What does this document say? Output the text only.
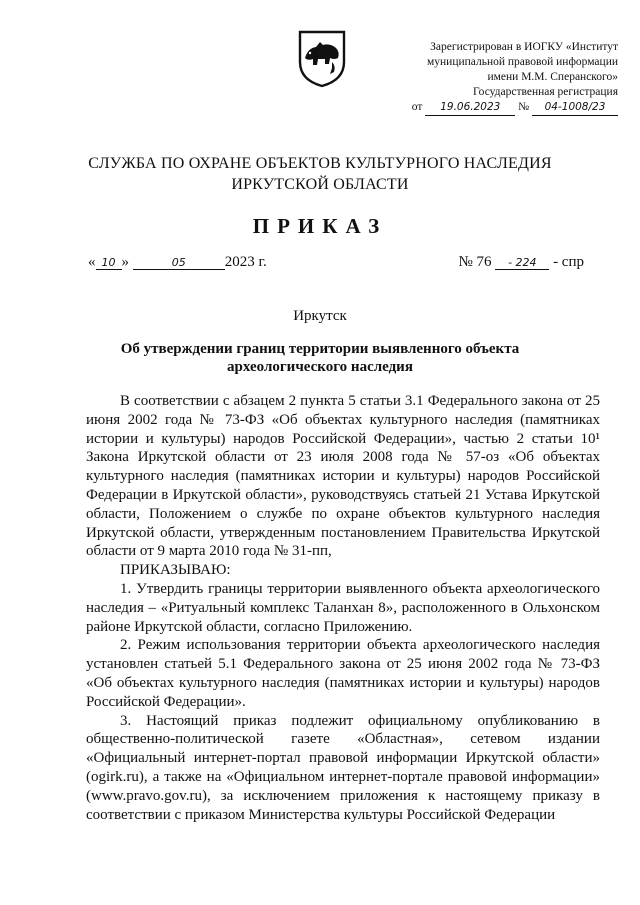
Зарегистрирован в ИОГКУ «Институт
муниципальной правовой информации
имени М.М. Сперанского»
Государственная регистрация
от 19.06.2023 № 04-1008/23
СЛУЖБА ПО ОХРАНЕ ОБЪЕКТОВ КУЛЬТУРНОГО НАСЛЕДИЯ
ИРКУТСКОЙ ОБЛАСТИ
ПРИКАЗ
« 10 »	05	2023 г.	№ 76 - 224 - спр
Иркутск
Об утверждении границ территории выявленного объекта археологического наследия

В соответствии с абзацем 2 пункта 5 статьи 3.1 Федерального закона от 25 июня 2002 года № 73-ФЗ «Об объектах культурного наследия (памятниках истории и культуры) народов Российской Федерации», частью 2 статьи 10¹ Закона Иркутской области от 23 июля 2008 года № 57-оз «Об объектах культурного наследия (памятниках истории и культуры) народов Российской Федерации в Иркутской области», руководствуясь статьей 21 Устава Иркутской области, Положением о службе по охране объектов культурного наследия Иркутской области, утвержденным постановлением Правительства Иркутской области от 9 марта 2010 года № 31-пп,

ПРИКАЗЫВАЮ:

1. Утвердить границы территории выявленного объекта археологического наследия – «Ритуальный комплекс Таланхан 8», расположенного в Ольхонском районе Иркутской области, согласно Приложению.

2. Режим использования территории объекта археологического наследия установлен статьей 5.1 Федерального закона от 25 июня 2002 года № 73-ФЗ «Об объектах культурного наследия (памятниках истории и культуры) народов Российской Федерации».

3. Настоящий приказ подлежит официальному опубликованию в общественно-политической газете «Областная», сетевом издании «Официальный интернет-портал правовой информации Иркутской области» (ogirk.ru), а также на «Официальном интернет-портале правовой информации» (www.pravo.gov.ru), за исключением приложения к настоящему приказу в соответствии с приказом Министерства культуры Российской Федерации
